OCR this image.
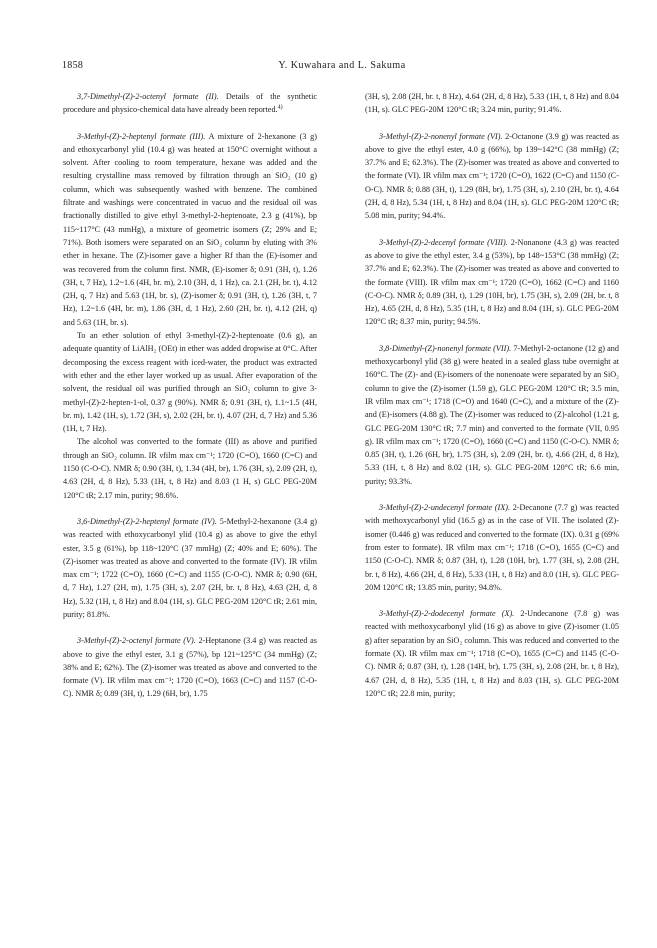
1858	Y. Kuwahara and L. Sakuma

3,7-Dimethyl-(Z)-2-octenyl formate (II). Details of the synthetic procedure and physico-chemical data have already been reported.$^{4)}$

3-Methyl-(Z)-2-heptenyl formate (III). A mixture of 2-hexanone (3 g) and ethoxycarbonyl ylid (10.4 g) was heated at 150°C overnight without a solvent. After cooling to room temperature, hexane was added and the resulting crystalline mass removed by filtration through an SiO₂ (10 g) column, which was subsequently washed with benzene. The combined filtrate and washings were concentrated in vacuo and the residual oil was fractionally distilled to give ethyl 3-methyl-2-heptenoate, 2.3 g (41%), bp 115~117°C (43 mmHg), a mixture of geometric isomers (Z; 29% and E; 71%). Both isomers were separated on an SiO₂ column by eluting with 3% ether in hexane. The (Z)-isomer gave a higher Rf than the (E)-isomer and was recovered from the column first. NMR, (E)-isomer δ; 0.91 (3H, t), 1.26 (3H, t, 7 Hz), 1.2~1.6 (4H, br. m), 2.10 (3H, d, 1 Hz), ca. 2.1 (2H, br. t), 4.12 (2H, q, 7 Hz) and 5.63 (1H, br. s), (Z)-isomer δ; 0.91 (3H, t), 1.26 (3H, t, 7 Hz), 1.2~1.6 (4H, br. m), 1.86 (3H, d, 1 Hz), 2.60 (2H, br. t), 4.12 (2H, q) and 5.63 (1H, br. s).

To an ether solution of ethyl 3-methyl-(Z)-2-heptenoate (0.6 g), an adequate quantity of LiAlH₂ (OEt) in ether was added dropwise at 0°C. After decomposing the excess reagent with iced-water, the product was extracted with ether and the ether layer worked up as usual. After evaporation of the solvent, the residual oil was purified through an SiO₂ column to give 3-methyl-(Z)-2-hepten-1-ol, 0.37 g (90%). NMR δ; 0.91 (3H, t), 1.1~1.5 (4H, br. m), 1.42 (1H, s), 1.72 (3H, s), 2.02 (2H, br. t), 4.07 (2H, d, 7 Hz) and 5.36 (1H, t, 7 Hz).

The alcohol was converted to the formate (III) as above and purified through an SiO₂ column. IR νfilm max cm⁻¹; 1720 (C=O), 1660 (C=C) and 1150 (C-O-C). NMR δ; 0.90 (3H, t), 1.34 (4H, br), 1.76 (3H, s), 2.09 (2H, t), 4.63 (2H, d, 8 Hz), 5.33 (1H, t, 8 Hz) and 8.03 (1 H, s) GLC PEG-20M 120°C tR; 2.17 min, purity; 98.6%.

3,6-Dimethyl-(Z)-2-heptenyl formate (IV). 5-Methyl-2-hexanone (3.4 g) was reacted with ethoxycarbonyl ylid (10.4 g) as above to give the ethyl ester, 3.5 g (61%), bp 118~120°C (37 mmHg) (Z; 40% and E; 60%). The (Z)-isomer was treated as above and converted to the formate (IV). IR νfilm max cm⁻¹; 1722 (C=O), 1660 (C=C) and 1155 (C-O-C). NMR δ; 0.90 (6H, d, 7 Hz), 1.27 (2H, m), 1.75 (3H, s), 2.07 (2H, br. t, 8 Hz), 4.63 (2H, d, 8 Hz), 5.32 (1H, t, 8 Hz) and 8.04 (1H, s). GLC PEG-20M 120°C tR; 2.61 min, purity; 81.8%.

3-Methyl-(Z)-2-octenyl formate (V). 2-Heptanone (3.4 g) was reacted as above to give the ethyl ester, 3.1 g (57%), bp 121~125°C (34 mmHg) (Z; 38% and E; 62%). The (Z)-isomer was treated as above and converted to the formate (V). IR νfilm max cm⁻¹; 1720 (C=O), 1663 (C=C) and 1157 (C-O-C). NMR δ; 0.89 (3H, t), 1.29 (6H, br), 1.75

(3H, s), 2.08 (2H, br. t, 8 Hz), 4.64 (2H, d, 8 Hz), 5.33 (1H, t, 8 Hz) and 8.04 (1H, s). GLC PEG-20M 120°C tR; 3.24 min, purity; 91.4%.

3-Methyl-(Z)-2-nonenyl formate (VI). 2-Octanone (3.9 g) was reacted as above to give the ethyl ester, 4.0 g (66%), bp 139~142°C (38 mmHg) (Z; 37.7% and E; 62.3%). The (Z)-isomer was treated as above and converted to the formate (VI). IR νfilm max cm⁻¹; 1720 (C=O), 1622 (C=C) and 1150 (C-O-C). NMR δ; 0.88 (3H, t), 1.29 (8H, br), 1.75 (3H, s), 2.10 (2H, br. t), 4.64 (2H, d, 8 Hz), 5.34 (1H, t, 8 Hz) and 8.04 (1H, s). GLC PEG-20M 120°C tR; 5.08 min, purity; 94.4%.

3-Methyl-(Z)-2-decenyl formate (VIII). 2-Nonanone (4.3 g) was reacted as above to give the ethyl ester, 3.4 g (53%), bp 148~153°C (38 mmHg) (Z; 37.7% and E; 62.3%). The (Z)-isomer was treated as above and converted to the formate (VIII). IR νfilm max cm⁻¹; 1720 (C=O), 1662 (C=C) and 1160 (C-O-C). NMR δ; 0.89 (3H, t), 1.29 (10H, br), 1.75 (3H, s), 2.09 (2H, br. t, 8 Hz), 4.65 (2H, d, 8 Hz), 5.35 (1H, t, 8 Hz) and 8.04 (1H, s). GLC PEG-20M 120°C tR; 8.37 min, purity; 94.5%.

3,8-Dimethyl-(Z)-nonenyl formate (VII). 7-Methyl-2-octanone (12 g) and methoxycarbonyl ylid (38 g) were heated in a sealed glass tube overnight at 160°C. The (Z)- and (E)-isomers of the nonenoate were separated by an SiO₂ column to give the (Z)-isomer (1.59 g), GLC PEG-20M 120°C tR; 3.5 min, IR νfilm max cm⁻¹; 1718 (C=O) and 1640 (C=C), and a mixture of the (Z)- and (E)-isomers (4.88 g). The (Z)-isomer was reduced to (Z)-alcohol (1.21 g, GLC PEG-20M 130°C tR; 7.7 min) and converted to the formate (VII, 0.95 g). IR νfilm max cm⁻¹; 1720 (C=O), 1660 (C=C) and 1150 (C-O-C). NMR δ; 0.85 (3H, t), 1.26 (6H, br), 1.75 (3H, s), 2.09 (2H, br. t), 4.66 (2H, d, 8 Hz), 5.33 (1H, t, 8 Hz) and 8.02 (1H, s). GLC PEG-20M 120°C tR; 6.6 min, purity; 93.3%.

3-Methyl-(Z)-2-undecenyl formate (IX). 2-Decanone (7.7 g) was reacted with methoxycarbonyl ylid (16.5 g) as in the case of VII. The isolated (Z)-isomer (0.446 g) was reduced and converted to the formate (IX). 0.31 g (69% from ester to formate). IR νfilm max cm⁻¹; 1718 (C=O), 1655 (C=C) and 1150 (C-O-C). NMR δ; 0.87 (3H, t), 1.28 (10H, br), 1.77 (3H, s), 2.08 (2H, br. t, 8 Hz), 4.66 (2H, d, 8 Hz), 5.33 (1H, t, 8 Hz) and 8.0 (1H, s). GLC PEG-20M 120°C tR; 13.85 min, purity; 94.8%.

3-Methyl-(Z)-2-dodecenyl formate (X). 2-Undecanone (7.8 g) was reacted with methoxycarbonyl ylid (16 g) as above to give (Z)-isomer (1.05 g) after separation by an SiO₂ column. This was reduced and converted to the formate (X). IR νfilm max cm⁻¹; 1718 (C=O), 1655 (C=C) and 1145 (C-O-C). NMR δ; 0.87 (3H, t), 1.28 (14H, br), 1.75 (3H, s), 2.08 (2H, br. t, 8 Hz), 4.67 (2H, d, 8 Hz), 5.35 (1H, t, 8 Hz) and 8.03 (1H, s). GLC PEG-20M 120°C tR; 22.8 min, purity;
